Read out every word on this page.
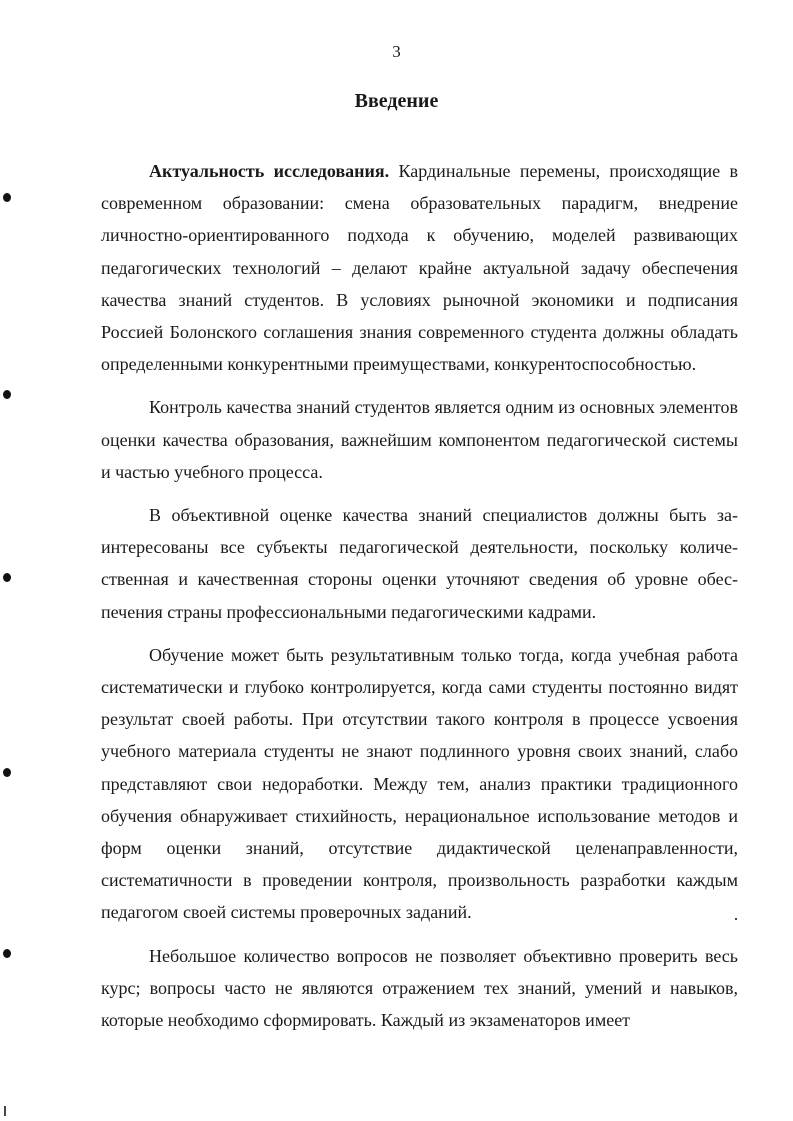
3
Введение

Актуальность исследования. Кардинальные перемены, происходящие в современном образовании: смена образовательных парадигм, внедрение личностно-ориентированного подхода к обучению, моделей развивающих педагогических технологий – делают крайне актуальной задачу обеспечения качества знаний студентов. В условиях рыночной экономики и подписания Россией Болонского соглашения знания современного студента должны обладать определенными конкурентными преимуществами, конкурентоспособностью.

Контроль качества знаний студентов является одним из основных элементов оценки качества образования, важнейшим компонентом педагогической системы и частью учебного процесса.

В объективной оценке качества знаний специалистов должны быть заинтересованы все субъекты педагогической деятельности, поскольку количественная и качественная стороны оценки уточняют сведения об уровне обеспечения страны профессиональными педагогическими кадрами.

Обучение может быть результативным только тогда, когда учебная работа систематически и глубоко контролируется, когда сами студенты постоянно видят результат своей работы. При отсутствии такого контроля в процессе усвоения учебного материала студенты не знают подлинного уровня своих знаний, слабо представляют свои недоработки. Между тем, анализ практики традиционного обучения обнаруживает стихийность, нерациональное использование методов и форм оценки знаний, отсутствие дидактической целенаправленности, систематичности в проведении контроля, произвольность разработки каждым педагогом своей системы проверочных заданий.

Небольшое количество вопросов не позволяет объективно проверить весь курс; вопросы часто не являются отражением тех знаний, умений и навыков, которые необходимо сформировать. Каждый из экзаменаторов имеет
